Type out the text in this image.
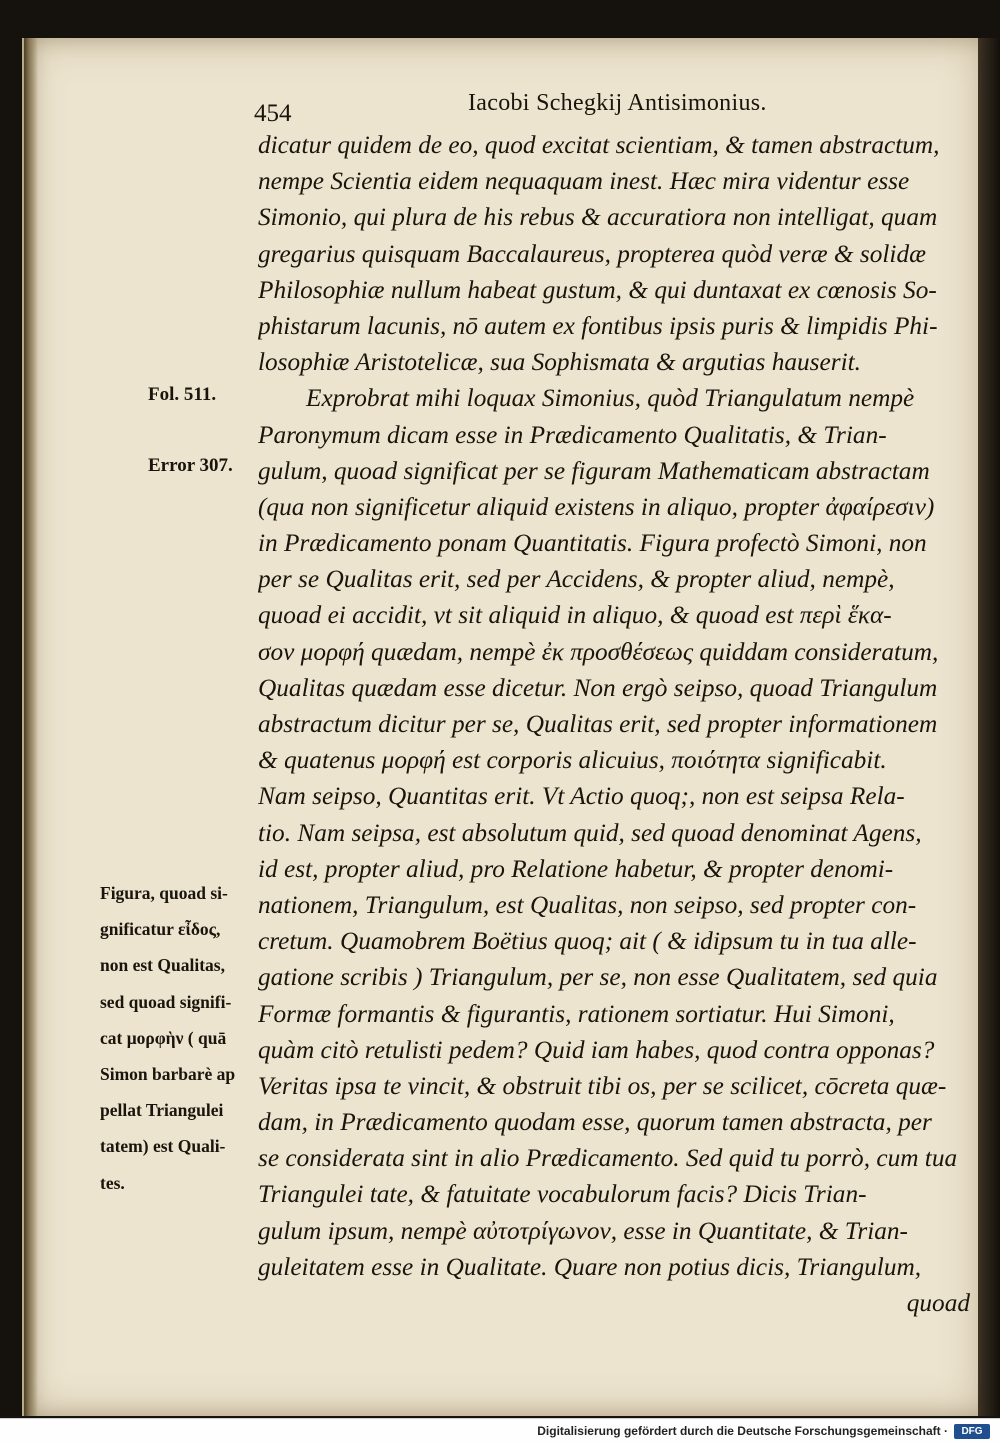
454	Iacobi Schegkij Antisimonius.
dicatur quidem de eo, quod excitat scientiam, & tamen abstractum,
nempe Scientia eidem nequaquam inest. Hæc mira videntur esse
Simonio, qui plura de his rebus & accuratiora non intelligat, quam
gregarius quisquam Baccalaureus, propterea quòd veræ & solidæ
Philosophiæ nullum habeat gustum, & qui duntaxat ex cœnosis So-
phistarum lacunis, nō autem ex fontibus ipsis puris & limpidis Phi-
losophiæ Aristotelicæ, sua Sophismata & argutias hauserit.
Exprobrat mihi loquax Simonius, quòd Triangulatum nempè
Paronymum dicam esse in Prædicamento Qualitatis, & Trian-
gulum, quoad significat per se figuram Mathematicam abstractam
(qua non significetur aliquid existens in aliquo, propter ἀφαίρεσιν)
in Prædicamento ponam Quantitatis. Figura profectò Simoni, non
per se Qualitas erit, sed per Accidens, & propter aliud, nempè,
quoad ei accidit, vt sit aliquid in aliquo, & quoad est περὶ ἕκα-
σον μορφή quædam, nempè ἐκ προσθέσεως quiddam consideratum,
Qualitas quædam esse dicetur. Non ergò seipso, quoad Triangulum
abstractum dicitur per se, Qualitas erit, sed propter informationem
& quatenus μορφή est corporis alicuius, ποιότητα significabit.
Nam seipso, Quantitas erit. Vt Actio quoq;, non est seipsa Rela-
tio. Nam seipsa, est absolutum quid, sed quoad denominat Agens,
id est, propter aliud, pro Relatione habetur, & propter denomi-
nationem, Triangulum, est Qualitas, non seipso, sed propter con-
cretum. Quamobrem Boëtius quoq; ait ( & idipsum tu in tua alle-
gatione scribis ) Triangulum, per se, non esse Qualitatem, sed quia
Formæ formantis & figurantis, rationem sortiatur. Hui Simoni,
quàm citò retulisti pedem? Quid iam habes, quod contra opponas?
Veritas ipsa te vincit, & obstruit tibi os, per se scilicet, cōcreta quæ-
dam, in Prædicamento quodam esse, quorum tamen abstracta, per
se considerata sint in alio Prædicamento. Sed quid tu porrò, cum tua
Triangulei tate, & fatuitate vocabulorum facis? Dicis Trian-
gulum ipsum, nempè αὐτοτρίγωνον, esse in Quantitate, & Trian-
guleitatem esse in Qualitate. Quare non potius dicis, Triangulum,
quoad
Fol. 511.
Error 307.
Figura, quoad si-
gnificatur εἶδος,
non est Qualitas,
sed quoad signifi-
cat μορφὴν ( quā
Simon barbarè ap
pellat Triangulei
tatem) est Quali-
tes.
Digitalisierung gefördert durch die Deutsche Forschungsgemeinschaft ·	DFG
